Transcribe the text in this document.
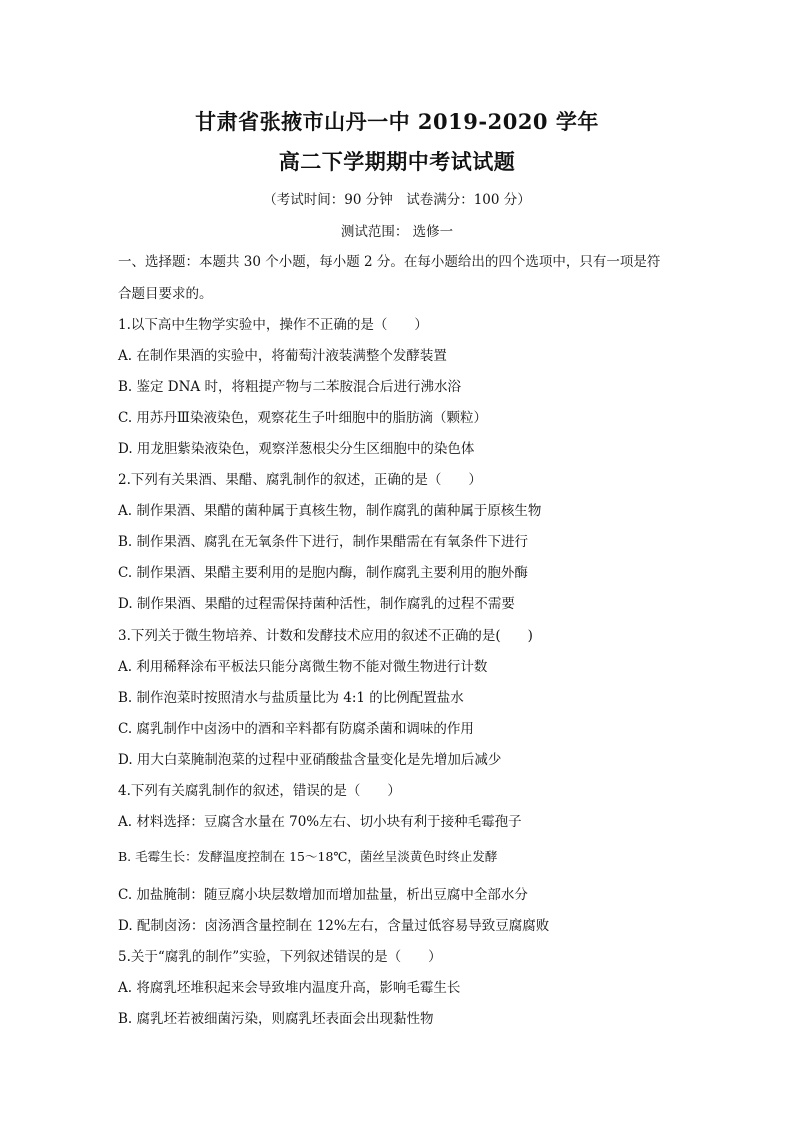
甘肃省张掖市山丹一中 2019-2020 学年
高二下学期期中考试试题
（考试时间：90 分钟　试卷满分：100 分）
测试范围： 选修一
一、选择题：本题共 30 个小题，每小题 2 分。在每小题给出的四个选项中，只有一项是符
合题目要求的。
1.以下高中生物学实验中，操作不正确的是（　　）
A. 在制作果酒的实验中，将葡萄汁液装满整个发酵装置
B. 鉴定 DNA 时，将粗提产物与二苯胺混合后进行沸水浴
C. 用苏丹Ⅲ染液染色，观察花生子叶细胞中的脂肪滴（颗粒）
D. 用龙胆紫染液染色，观察洋葱根尖分生区细胞中的染色体
2.下列有关果酒、果醋、腐乳制作的叙述，正确的是（　　）
A. 制作果酒、果醋的菌种属于真核生物，制作腐乳的菌种属于原核生物
B. 制作果酒、腐乳在无氧条件下进行，制作果醋需在有氧条件下进行
C. 制作果酒、果醋主要利用的是胞内酶，制作腐乳主要利用的胞外酶
D. 制作果酒、果醋的过程需保持菌种活性，制作腐乳的过程不需要
3.下列关于微生物培养、计数和发酵技术应用的叙述不正确的是(　　)
A. 利用稀释涂布平板法只能分离微生物不能对微生物进行计数
B. 制作泡菜时按照清水与盐质量比为 4:1 的比例配置盐水
C. 腐乳制作中卤汤中的酒和辛料都有防腐杀菌和调味的作用
D. 用大白菜腌制泡菜的过程中亚硝酸盐含量变化是先增加后减少
4.下列有关腐乳制作的叙述，错误的是（　　）
A. 材料选择：豆腐含水量在 70%左右、切小块有利于接种毛霉孢子
B. 毛霉生长：发酵温度控制在 15～18℃，菌丝呈淡黄色时终止发酵
C. 加盐腌制：随豆腐小块层数增加而增加盐量，析出豆腐中全部水分
D. 配制卤汤：卤汤酒含量控制在 12%左右，含量过低容易导致豆腐腐败
5.关于“腐乳的制作”实验，下列叙述错误的是（　　）
A. 将腐乳坯堆积起来会导致堆内温度升高，影响毛霉生长
B. 腐乳坯若被细菌污染，则腐乳坯表面会出现黏性物
